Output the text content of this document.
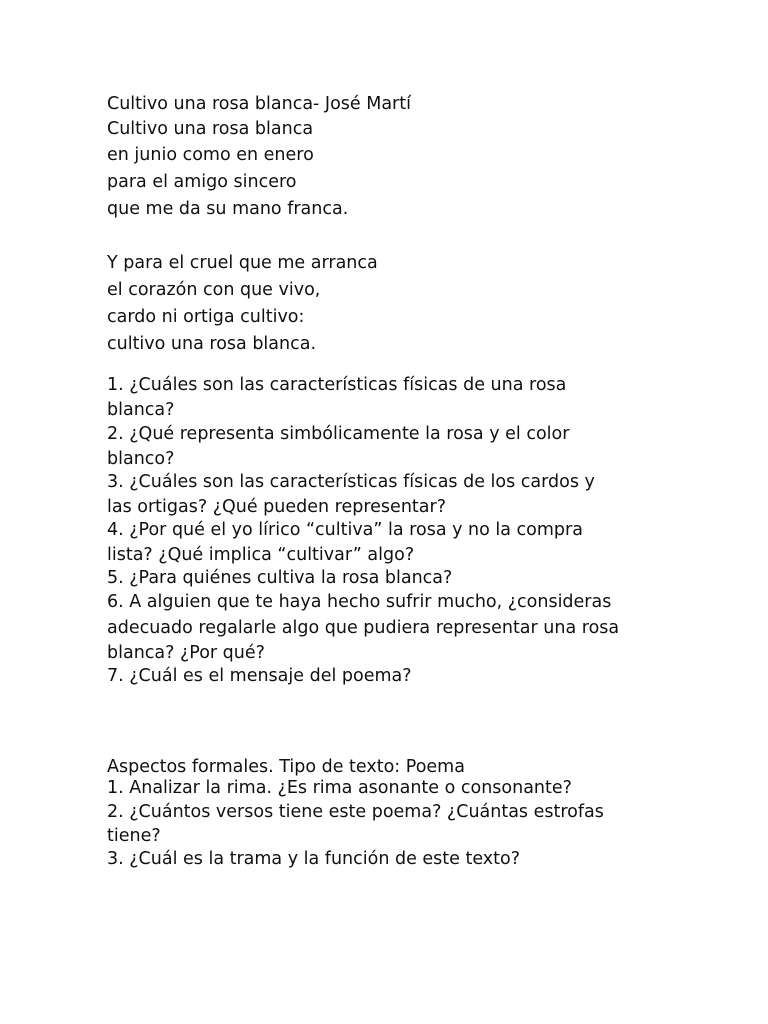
Cultivo una rosa blanca- José Martí
Cultivo una rosa blanca
en junio como en enero
para el amigo sincero
que me da su mano franca.
Y para el cruel que me arranca
el corazón con que vivo,
cardo ni ortiga cultivo:
cultivo una rosa blanca.
1. ¿Cuáles son las características físicas de una rosa
blanca?
2. ¿Qué representa simbólicamente la rosa y el color
blanco?
3. ¿Cuáles son las características físicas de los cardos y
las ortigas? ¿Qué pueden representar?
4. ¿Por qué el yo lírico “cultiva” la rosa y no la compra
lista? ¿Qué implica “cultivar” algo?
5. ¿Para quiénes cultiva la rosa blanca?
6. A alguien que te haya hecho sufrir mucho, ¿consideras
adecuado regalarle algo que pudiera representar una rosa
blanca? ¿Por qué?
7. ¿Cuál es el mensaje del poema?
Aspectos formales. Tipo de texto: Poema
1. Analizar la rima. ¿Es rima asonante o consonante?
2. ¿Cuántos versos tiene este poema? ¿Cuántas estrofas
tiene?
3. ¿Cuál es la trama y la función de este texto?
